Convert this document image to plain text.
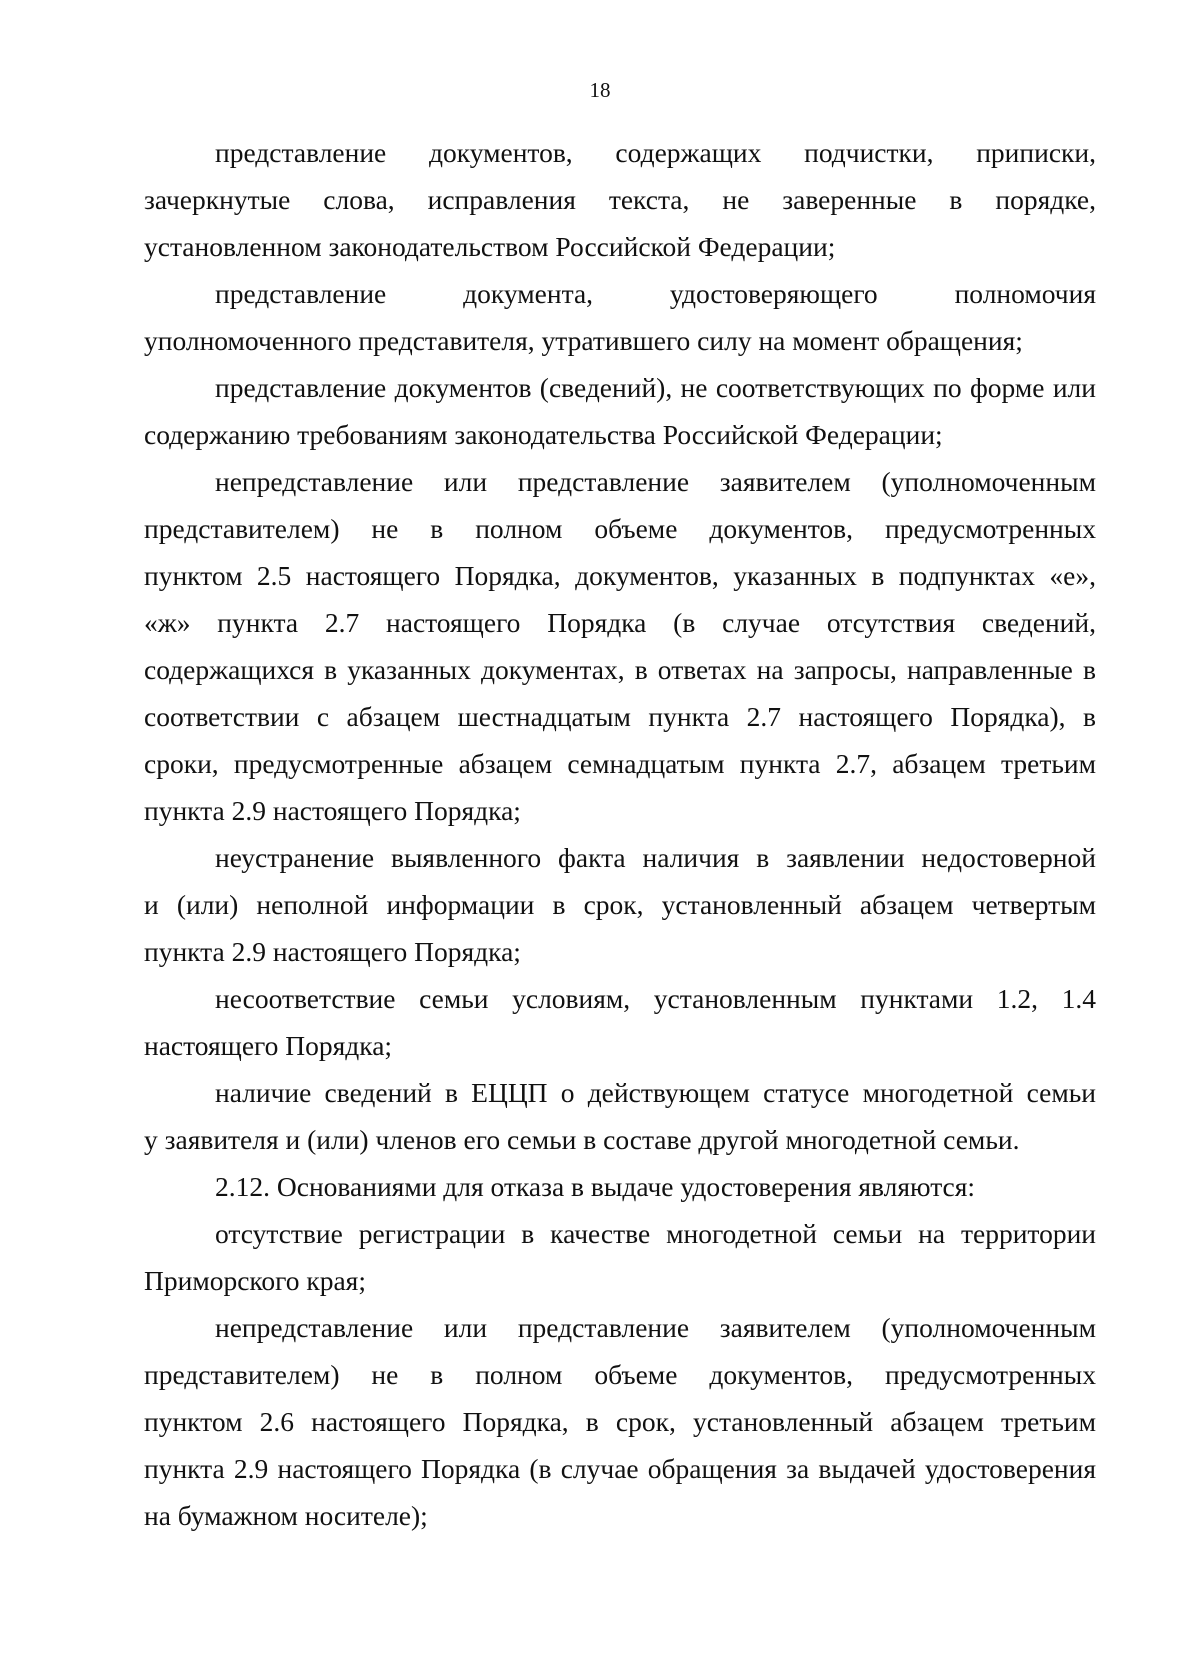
18
представление документов, содержащих подчистки, приписки,
зачеркнутые слова, исправления текста, не заверенные в порядке,
установленном законодательством Российской Федерации;
представление документа, удостоверяющего полномочия
уполномоченного представителя, утратившего силу на момент обращения;
представление документов (сведений), не соответствующих по форме или
содержанию требованиям законодательства Российской Федерации;
непредставление или представление заявителем (уполномоченным
представителем) не в полном объеме документов, предусмотренных
пунктом 2.5 настоящего Порядка, документов, указанных в подпунктах «е»,
«ж» пункта 2.7 настоящего Порядка (в случае отсутствия сведений,
содержащихся в указанных документах, в ответах на запросы, направленные в
соответствии с абзацем шестнадцатым пункта 2.7 настоящего Порядка), в
сроки, предусмотренные абзацем семнадцатым пункта 2.7, абзацем третьим
пункта 2.9 настоящего Порядка;
неустранение выявленного факта наличия в заявлении недостоверной
и (или) неполной информации в срок, установленный абзацем четвертым
пункта 2.9 настоящего Порядка;
несоответствие семьи условиям, установленным пунктами 1.2, 1.4
настоящего Порядка;
наличие сведений в ЕЦЦП о действующем статусе многодетной семьи
у заявителя и (или) членов его семьи в составе другой многодетной семьи.
2.12. Основаниями для отказа в выдаче удостоверения являются:
отсутствие регистрации в качестве многодетной семьи на территории
Приморского края;
непредставление или представление заявителем (уполномоченным
представителем) не в полном объеме документов, предусмотренных
пунктом 2.6 настоящего Порядка, в срок, установленный абзацем третьим
пункта 2.9 настоящего Порядка (в случае обращения за выдачей удостоверения
на бумажном носителе);
